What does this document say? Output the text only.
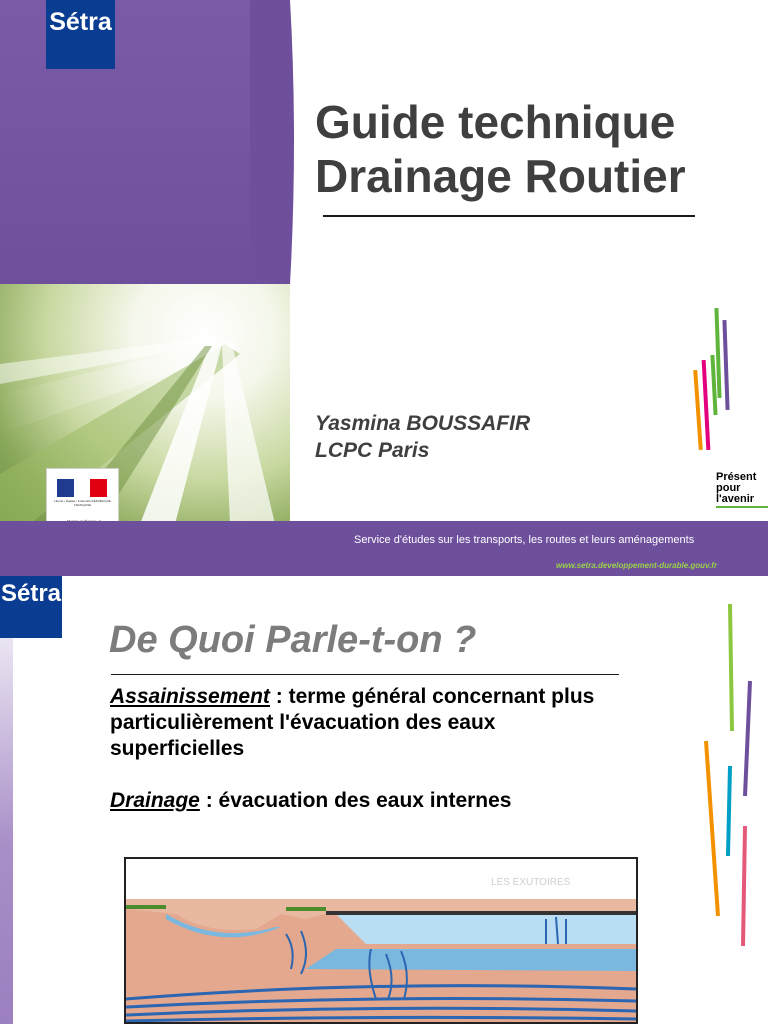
Sétra
Liberté • Égalité • Fraternité RÉPUBLIQUE FRANÇAISE
Guide technique
Drainage Routier
Yasmina BOUSSAFIR
LCPC Paris
Présent
pour
l'avenir
Service d'études sur les transports, les routes et leurs aménagements
www.setra.developpement-durable.gouv.fr
Sétra
De Quoi Parle-t-on ?
Assainissement : terme général concernant plus particulièrement l'évacuation des eaux superficielles
Drainage : évacuation des eaux internes
LES EXUTOIRES
